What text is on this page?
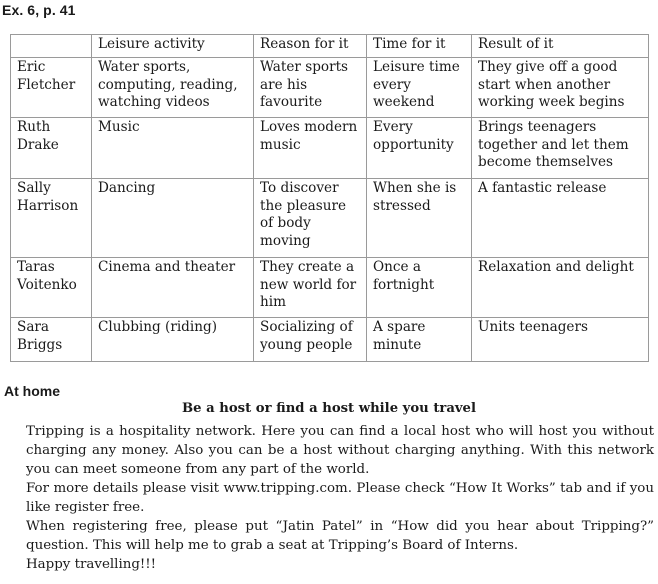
Ex. 6, p. 41
	Leisure activity	Reason for it	Time for it	Result of it
Eric Fletcher	Water sports, computing, reading, watching videos	Water sports are his favourite	Leisure time every weekend	They give off a good start when another working week begins
Ruth Drake	Music	Loves modern music	Every opportunity	Brings teenagers together and let them become themselves
Sally Harrison	Dancing	To discover the pleasure of body moving	When she is stressed	A fantastic release
Taras Voitenko	Cinema and theater	They create a new world for him	Once a fortnight	Relaxation and delight
Sara Briggs	Clubbing (riding)	Socializing of young people	A spare minute	Units teenagers
At home
Be a host or find a host while you travel

Tripping is a hospitality network. Here you can find a local host who will host you without charging any money. Also you can be a host without charging anything. With this network you can meet someone from any part of the world.

For more details please visit www.tripping.com. Please check “How It Works” tab and if you like register free.

When registering free, please put “Jatin Patel” in “How did you hear about Tripping?” question. This will help me to grab a seat at Tripping’s Board of Interns.

Happy travelling!!!
